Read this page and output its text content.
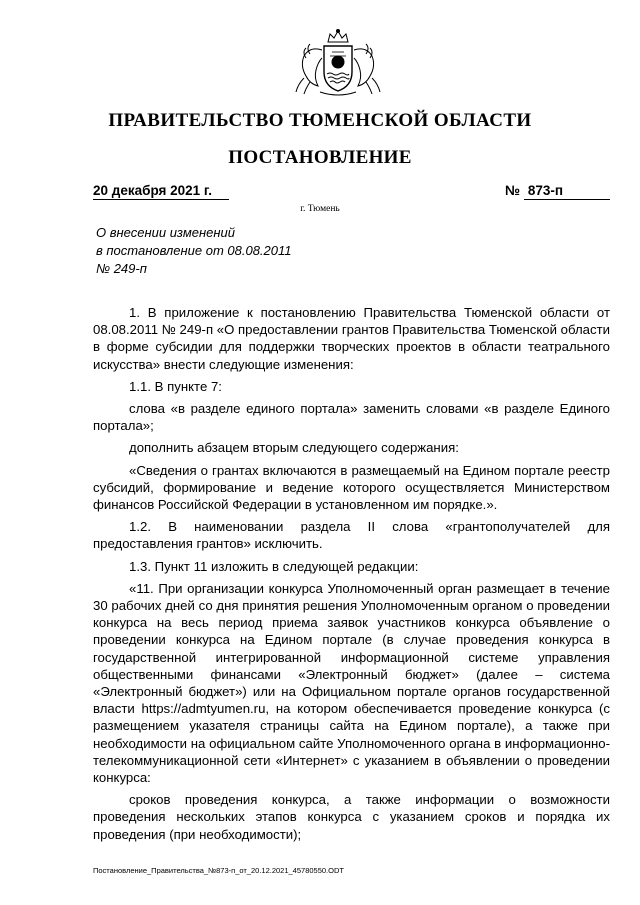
ПРАВИТЕЛЬСТВО ТЮМЕНСКОЙ ОБЛАСТИ
ПОСТАНОВЛЕНИЕ
20 декабря 2021 г.	№ 873-п
г. Тюмень
О внесении изменений
в постановление от 08.08.2011
№ 249-п

1. В приложение к постановлению Правительства Тюменской области от 08.08.2011 № 249-п «О предоставлении грантов Правительства Тюменской области в форме субсидии для поддержки творческих проектов в области театрального искусства» внести следующие изменения:

1.1. В пункте 7:

слова «в разделе единого портала» заменить словами «в разделе Единого портала»;

дополнить абзацем вторым следующего содержания:

«Сведения о грантах включаются в размещаемый на Едином портале реестр субсидий, формирование и ведение которого осуществляется Министерством финансов Российской Федерации в установленном им порядке.».

1.2. В наименовании раздела II слова «грантополучателей для предоставления грантов» исключить.

1.3. Пункт 11 изложить в следующей редакции:

«11. При организации конкурса Уполномоченный орган размещает в течение 30 рабочих дней со дня принятия решения Уполномоченным органом о проведении конкурса на весь период приема заявок участников конкурса объявление о проведении конкурса на Едином портале (в случае проведения конкурса в государственной интегрированной информационной системе управления общественными финансами «Электронный бюджет» (далее – система «Электронный бюджет») или на Официальном портале органов государственной власти https://admtyumen.ru, на котором обеспечивается проведение конкурса (с размещением указателя страницы сайта на Едином портале), а также при необходимости на официальном сайте Уполномоченного органа в информационно-телекоммуникационной сети «Интернет» с указанием в объявлении о проведении конкурса:

сроков проведения конкурса, а также информации о возможности проведения нескольких этапов конкурса с указанием сроков и порядка их проведения (при необходимости);

Постановление_Правительства_№873-п_от_20.12.2021_45780550.ODT
